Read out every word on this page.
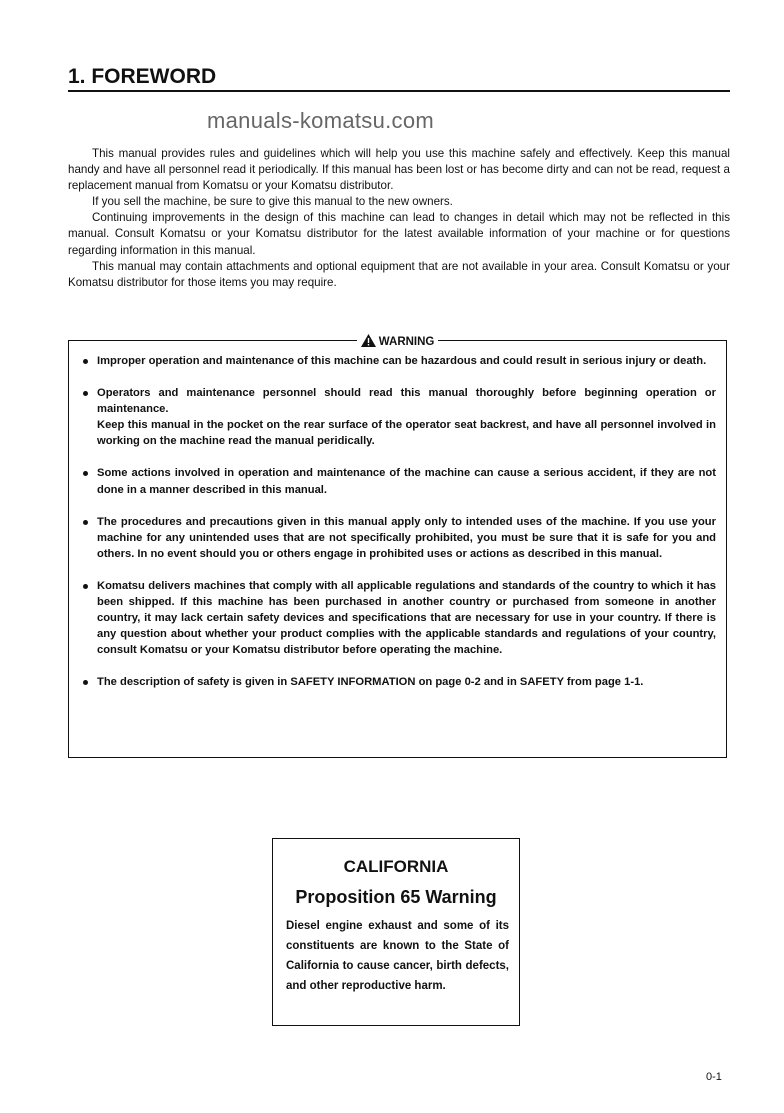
1. FOREWORD
manuals-komatsu.com

This manual provides rules and guidelines which will help you use this machine safely and effectively. Keep this manual handy and have all personnel read it periodically. If this manual has been lost or has become dirty and can not be read, request a replacement manual from Komatsu or your Komatsu distributor.

If you sell the machine, be sure to give this manual to the new owners.

Continuing improvements in the design of this machine can lead to changes in detail which may not be reflected in this manual. Consult Komatsu or your Komatsu distributor for the latest available information of your machine or for questions regarding information in this manual.

This manual may contain attachments and optional equipment that are not available in your area. Consult Komatsu or your Komatsu distributor for those items you may require.

WARNING

Improper operation and maintenance of this machine can be hazardous and could result in serious injury or death.

Operators and maintenance personnel should read this manual thoroughly before beginning operation or maintenance.

Keep this manual in the pocket on the rear surface of the operator seat backrest, and have all personnel involved in working on the machine read the manual peridically.

Some actions involved in operation and maintenance of the machine can cause a serious accident, if they are not done in a manner described in this manual.

The procedures and precautions given in this manual apply only to intended uses of the machine. If you use your machine for any unintended uses that are not specifically prohibited, you must be sure that it is safe for you and others. In no event should you or others engage in prohibited uses or actions as described in this manual.

Komatsu delivers machines that comply with all applicable regulations and standards of the country to which it has been shipped. If this machine has been purchased in another country or purchased from someone in another country, it may lack certain safety devices and specifications that are necessary for use in your country. If there is any question about whether your product complies with the applicable standards and regulations of your country, consult Komatsu or your Komatsu distributor before operating the machine.

The description of safety is given in SAFETY INFORMATION on page 0-2 and in SAFETY from page 1-1.

CALIFORNIA
Proposition 65 Warning
Diesel engine exhaust and some of its constituents are known to the State of California to cause cancer, birth defects, and other reproductive harm.
0-1
